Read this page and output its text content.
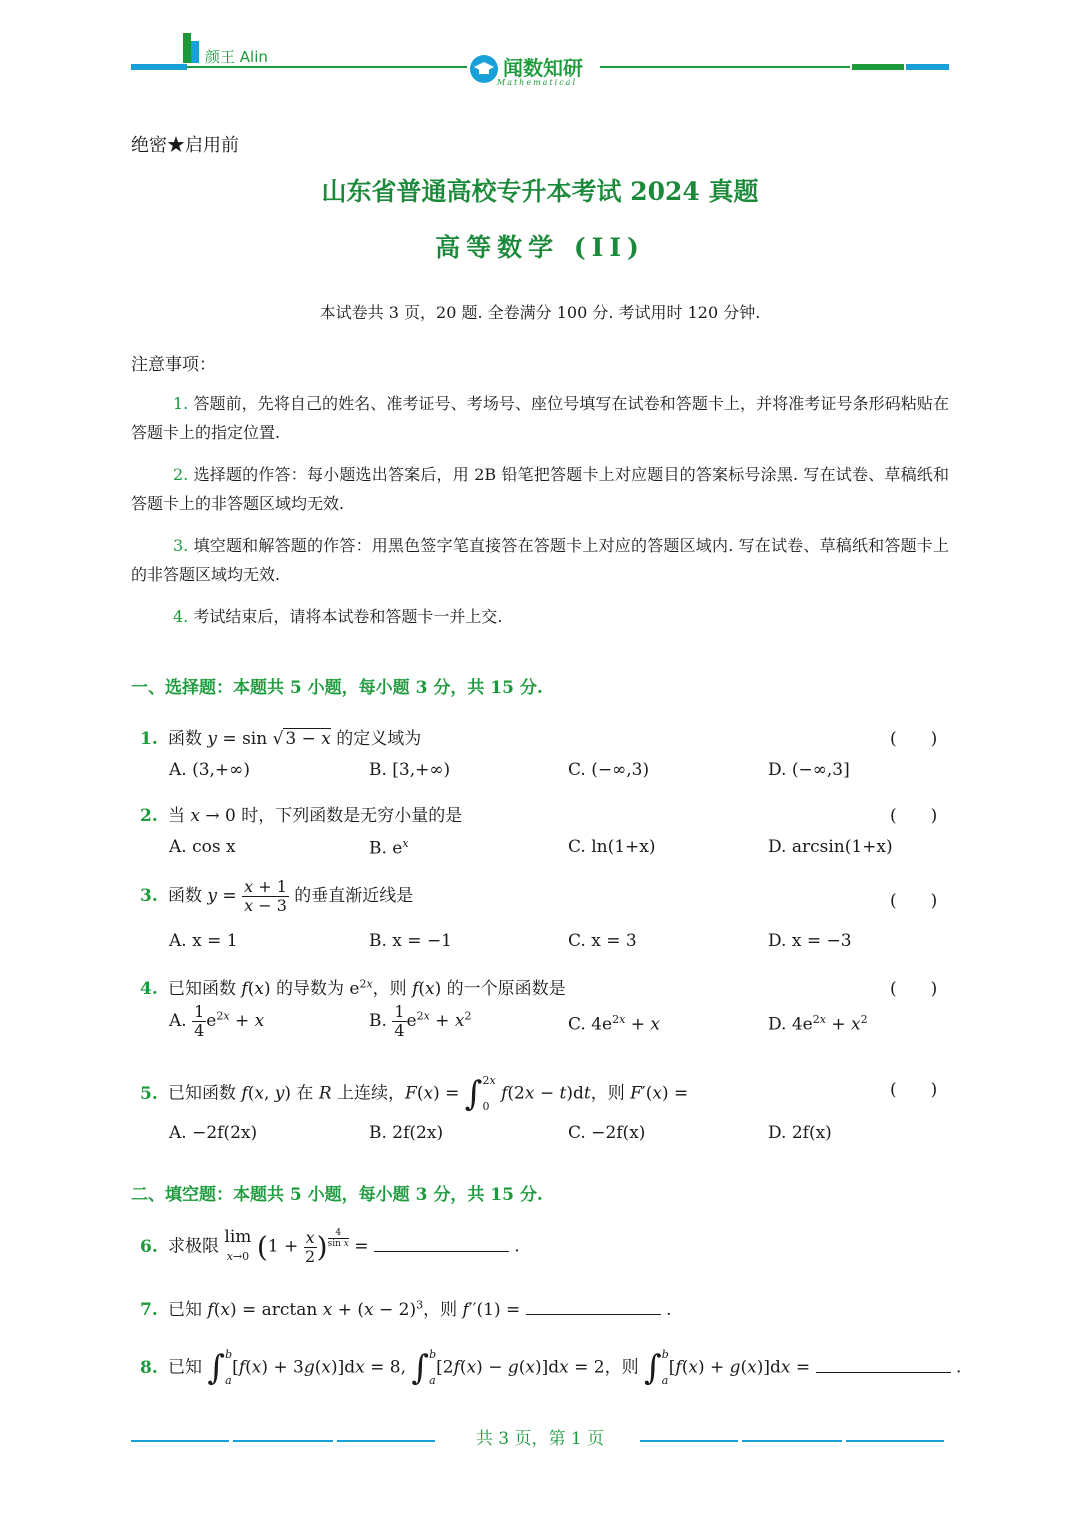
颜王 Alin	闻数知研
Mathematical
绝密★启用前
山东省普通高校专升本考试 2024 真题
高等数学 (II)
本试卷共 3 页，20 题. 全卷满分 100 分. 考试用时 120 分钟.
注意事项：
1. 答题前，先将自己的姓名、准考证号、考场号、座位号填写在试卷和答题卡上，并将准考证号条形码粘贴在答题卡上的指定位置.
2. 选择题的作答：每小题选出答案后，用 2B 铅笔把答题卡上对应题目的答案标号涂黑. 写在试卷、草稿纸和答题卡上的非答题区域均无效.
3. 填空题和解答题的作答：用黑色签字笔直接答在答题卡上对应的答题区域内. 写在试卷、草稿纸和答题卡上的非答题区域均无效.
4. 考试结束后，请将本试卷和答题卡一并上交.
一、选择题：本题共 5 小题，每小题 3 分，共 15 分.
1. 函数 y = sin √ 3 − x 的定义域为	(　　)
A. (3,+∞)	B. [3,+∞)	C. (−∞,3)	D. (−∞,3]
2. 当 x → 0 时，下列函数是无穷小量的是	(　　)
A. cos x	B. $e^x$	C. ln(1+x)	D. arcsin(1+x)
3. 函数 $y = \frac{x + 1}{x - 3}$ 的垂直渐近线是	(　　)
A. x = 1	B. x = −1	C. x = 3	D. x = −3
4. 已知函数 f(x) 的导数为 $e^{2x}$，则 f(x) 的一个原函数是	(　　)
A. $\frac{1}{4} e^{2x} + x$	B. $\frac{1}{4} e^{2x} + x^2$	C. $4e^{2x} + x$	D. $4e^{2x} + x^2$
5. 已知函数 f(x, y) 在 R 上连续，F(x) = ∫ 2x
0
f(2x − t)dt，则 F′(x) =	(　　)
A. −2f(2x)	B. 2f(2x)	C. −2f(x)	D. 2f(x)
二、填空题：本题共 5 小题，每小题 3 分，共 15 分.
6. 求极限 lim
x→0 ($1 + \frac{x}{2}$ ) $^{\frac{4}{\text{sin x}}}$ =	.
7. 已知 $f(x) = \arctan x + (x - 2)^3$，则 f′′(1) =	.
8. 已知 ∫ b
a
[f(x) + 3g(x)]dx = 8, ∫ b
a
[2f(x) − g(x)]dx = 2，则 ∫ b
a
[f(x) + g(x)]dx =	.
共 3 页，第 1 页
